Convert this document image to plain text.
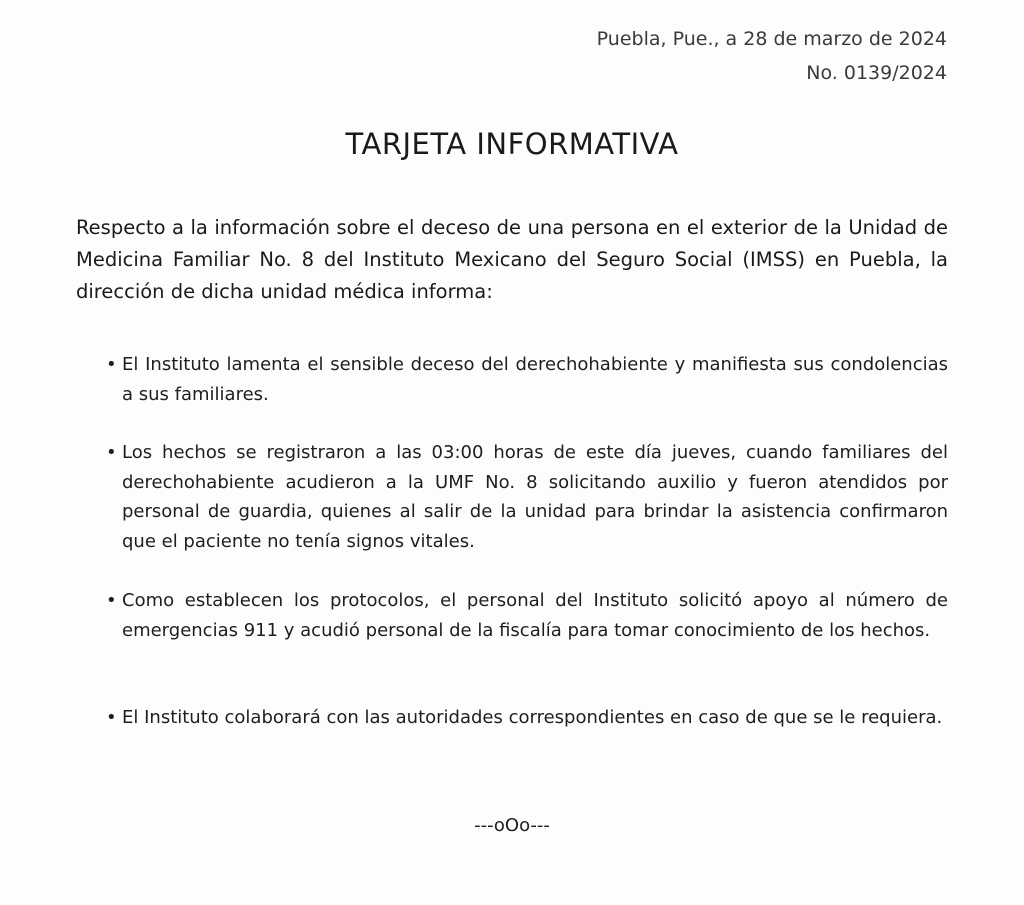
Puebla, Pue., a 28 de marzo de 2024
No. 0139/2024
TARJETA INFORMATIVA

Respecto a la información sobre el deceso de una persona en el exterior de la Unidad de Medicina Familiar No. 8 del Instituto Mexicano del Seguro Social (IMSS) en Puebla, la dirección de dicha unidad médica informa:

• El Instituto lamenta el sensible deceso del derechohabiente y manifiesta sus condolencias a sus familiares.
• Los hechos se registraron a las 03:00 horas de este día jueves, cuando familiares del derechohabiente acudieron a la UMF No. 8 solicitando auxilio y fueron atendidos por personal de guardia, quienes al salir de la unidad para brindar la asistencia confirmaron que el paciente no tenía signos vitales.
• Como establecen los protocolos, el personal del Instituto solicitó apoyo al número de emergencias 911 y acudió personal de la fiscalía para tomar conocimiento de los hechos.
• El Instituto colaborará con las autoridades correspondientes en caso de que se le requiera.
---oOo---
